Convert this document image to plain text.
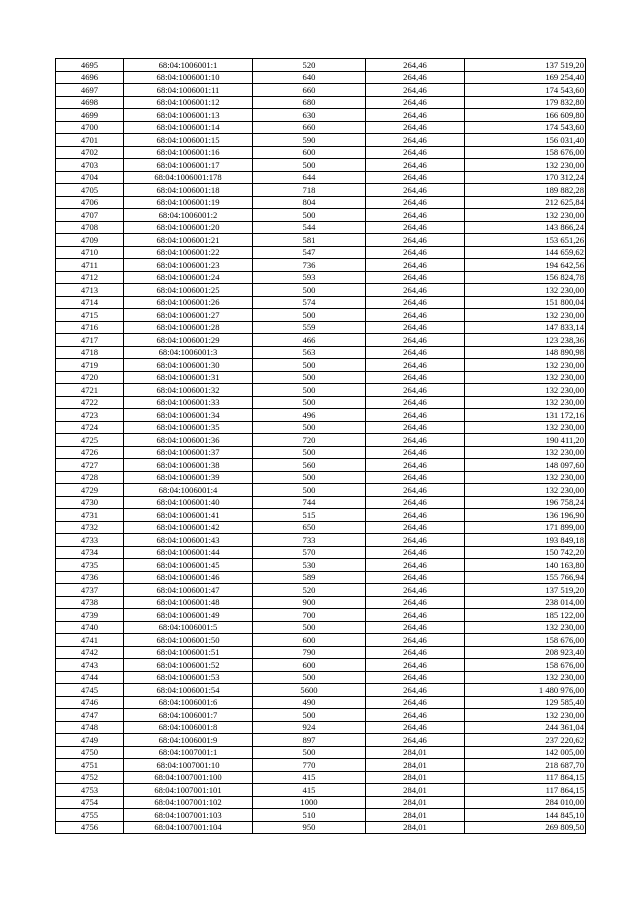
4695	68:04:1006001:1	520	264,46	137 519,20
4696	68:04:1006001:10	640	264,46	169 254,40
4697	68:04:1006001:11	660	264,46	174 543,60
4698	68:04:1006001:12	680	264,46	179 832,80
4699	68:04:1006001:13	630	264,46	166 609,80
4700	68:04:1006001:14	660	264,46	174 543,60
4701	68:04:1006001:15	590	264,46	156 031,40
4702	68:04:1006001:16	600	264,46	158 676,00
4703	68:04:1006001:17	500	264,46	132 230,00
4704	68:04:1006001:178	644	264,46	170 312,24
4705	68:04:1006001:18	718	264,46	189 882,28
4706	68:04:1006001:19	804	264,46	212 625,84
4707	68:04:1006001:2	500	264,46	132 230,00
4708	68:04:1006001:20	544	264,46	143 866,24
4709	68:04:1006001:21	581	264,46	153 651,26
4710	68:04:1006001:22	547	264,46	144 659,62
4711	68:04:1006001:23	736	264,46	194 642,56
4712	68:04:1006001:24	593	264,46	156 824,78
4713	68:04:1006001:25	500	264,46	132 230,00
4714	68:04:1006001:26	574	264,46	151 800,04
4715	68:04:1006001:27	500	264,46	132 230,00
4716	68:04:1006001:28	559	264,46	147 833,14
4717	68:04:1006001:29	466	264,46	123 238,36
4718	68:04:1006001:3	563	264,46	148 890,98
4719	68:04:1006001:30	500	264,46	132 230,00
4720	68:04:1006001:31	500	264,46	132 230,00
4721	68:04:1006001:32	500	264,46	132 230,00
4722	68:04:1006001:33	500	264,46	132 230,00
4723	68:04:1006001:34	496	264,46	131 172,16
4724	68:04:1006001:35	500	264,46	132 230,00
4725	68:04:1006001:36	720	264,46	190 411,20
4726	68:04:1006001:37	500	264,46	132 230,00
4727	68:04:1006001:38	560	264,46	148 097,60
4728	68:04:1006001:39	500	264,46	132 230,00
4729	68:04:1006001:4	500	264,46	132 230,00
4730	68:04:1006001:40	744	264,46	196 758,24
4731	68:04:1006001:41	515	264,46	136 196,90
4732	68:04:1006001:42	650	264,46	171 899,00
4733	68:04:1006001:43	733	264,46	193 849,18
4734	68:04:1006001:44	570	264,46	150 742,20
4735	68:04:1006001:45	530	264,46	140 163,80
4736	68:04:1006001:46	589	264,46	155 766,94
4737	68:04:1006001:47	520	264,46	137 519,20
4738	68:04:1006001:48	900	264,46	238 014,00
4739	68:04:1006001:49	700	264,46	185 122,00
4740	68:04:1006001:5	500	264,46	132 230,00
4741	68:04:1006001:50	600	264,46	158 676,00
4742	68:04:1006001:51	790	264,46	208 923,40
4743	68:04:1006001:52	600	264,46	158 676,00
4744	68:04:1006001:53	500	264,46	132 230,00
4745	68:04:1006001:54	5600	264,46	1 480 976,00
4746	68:04:1006001:6	490	264,46	129 585,40
4747	68:04:1006001:7	500	264,46	132 230,00
4748	68:04:1006001:8	924	264,46	244 361,04
4749	68:04:1006001:9	897	264,46	237 220,62
4750	68:04:1007001:1	500	284,01	142 005,00
4751	68:04:1007001:10	770	284,01	218 687,70
4752	68:04:1007001:100	415	284,01	117 864,15
4753	68:04:1007001:101	415	284,01	117 864,15
4754	68:04:1007001:102	1000	284,01	284 010,00
4755	68:04:1007001:103	510	284,01	144 845,10
4756	68:04:1007001:104	950	284,01	269 809,50
